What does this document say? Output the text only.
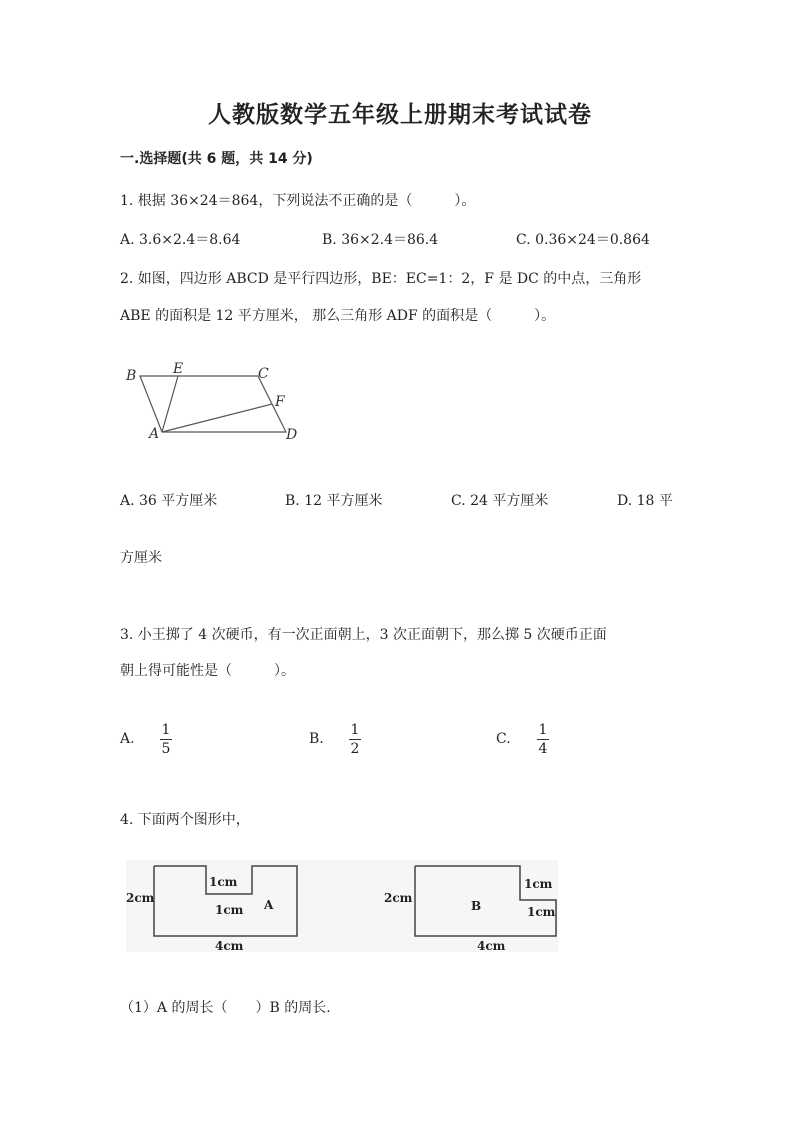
人教版数学五年级上册期末考试试卷
一.选择题(共 6 题，共 14 分)
1. 根据 36×24＝864，下列说法不正确的是（　　　）。
A. 3.6×2.4＝8.64	B. 36×2.4＝86.4	C. 0.36×24＝0.864
2. 如图，四边形 ABCD 是平行四边形，BE：EC=1：2，F 是 DC 的中点，三角形
ABE 的面积是 12 平方厘米， 那么三角形 ADF 的面积是（　　　）。
B	E	C
F
A	D
A. 36 平方厘米	B. 12 平方厘米	C. 24 平方厘米	D. 18 平
方厘米
3. 小王掷了 4 次硬币，有一次正面朝上，3 次正面朝下，那么掷 5 次硬币正面
朝上得可能性是（　　　）。
A.
1
5
B.
1
2
C.
1
4
4. 下面两个图形中，
2cm
1cm
1cm A
4cm
2cm
1cm
1cm
B
4cm
（1）A 的周长（　　）B 的周长.
